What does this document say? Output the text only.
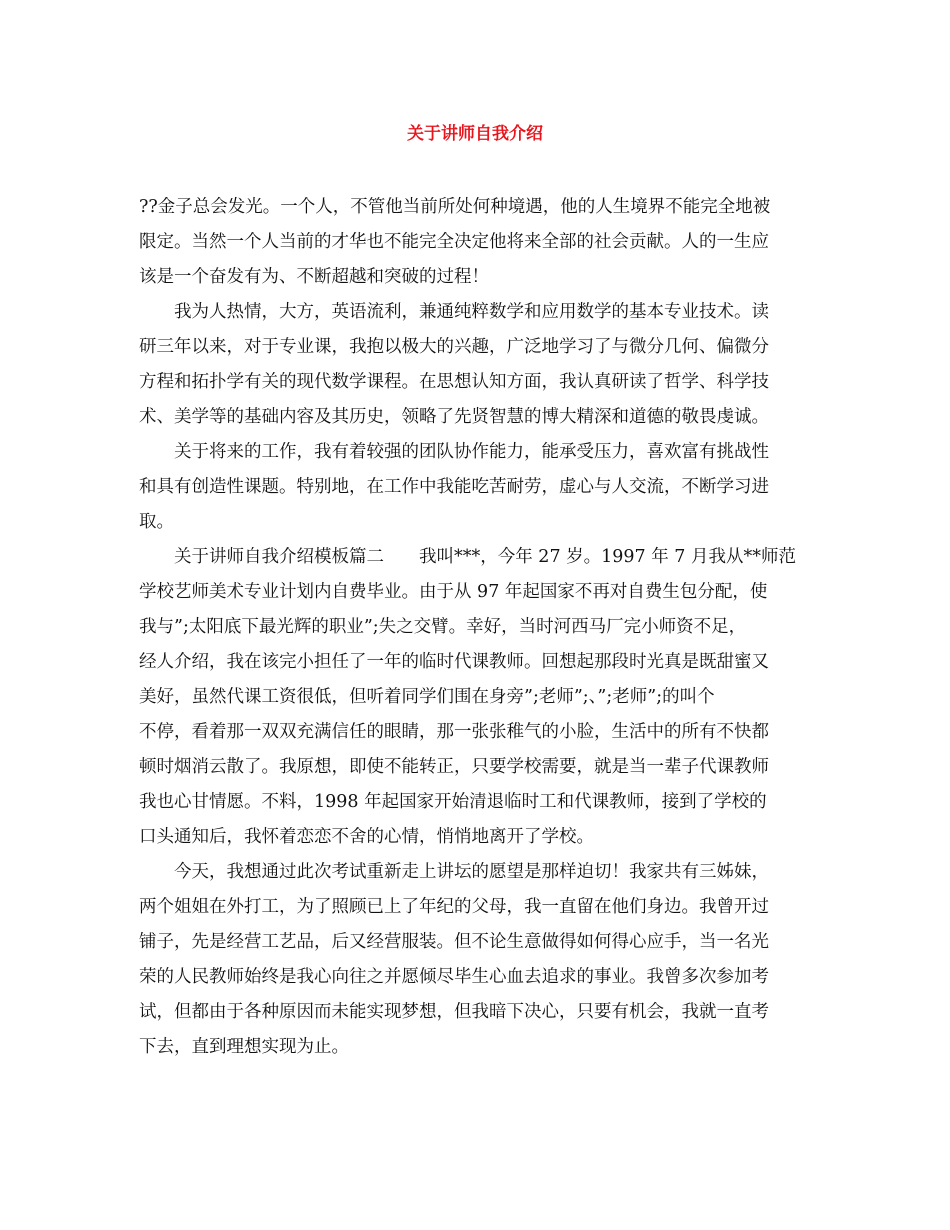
关于讲师自我介绍
??金子总会发光。一个人，不管他当前所处何种境遇，他的人生境界不能完全地被
限定。当然一个人当前的才华也不能完全决定他将来全部的社会贡献。人的一生应
该是一个奋发有为、不断超越和突破的过程！
我为人热情，大方，英语流利，兼通纯粹数学和应用数学的基本专业技术。读
研三年以来，对于专业课，我抱以极大的兴趣，广泛地学习了与微分几何、偏微分
方程和拓扑学有关的现代数学课程。在思想认知方面，我认真研读了哲学、科学技
术、美学等的基础内容及其历史，领略了先贤智慧的博大精深和道德的敬畏虔诚。
关于将来的工作，我有着较强的团队协作能力，能承受压力，喜欢富有挑战性
和具有创造性课题。特别地，在工作中我能吃苦耐劳，虚心与人交流，不断学习进
取。
关于讲师自我介绍模板篇二　　我叫***，今年 27 岁。1997 年 7 月我从**师范
学校艺师美术专业计划内自费毕业。由于从 97 年起国家不再对自费生包分配，使
我与”;太阳底下最光辉的职业”;失之交臂。幸好，当时河西马厂完小师资不足，
经人介绍，我在该完小担任了一年的临时代课教师。回想起那段时光真是既甜蜜又
美好，虽然代课工资很低，但听着同学们围在身旁”;老师”;、”;老师”;的叫个
不停，看着那一双双充满信任的眼睛，那一张张稚气的小脸，生活中的所有不快都
顿时烟消云散了。我原想，即使不能转正，只要学校需要，就是当一辈子代课教师
我也心甘情愿。不料，1998 年起国家开始清退临时工和代课教师，接到了学校的
口头通知后，我怀着恋恋不舍的心情，悄悄地离开了学校。
今天，我想通过此次考试重新走上讲坛的愿望是那样迫切！我家共有三姊妹，
两个姐姐在外打工，为了照顾已上了年纪的父母，我一直留在他们身边。我曾开过
铺子，先是经营工艺品，后又经营服装。但不论生意做得如何得心应手，当一名光
荣的人民教师始终是我心向往之并愿倾尽毕生心血去追求的事业。我曾多次参加考
试，但都由于各种原因而未能实现梦想，但我暗下决心，只要有机会，我就一直考
下去，直到理想实现为止。
